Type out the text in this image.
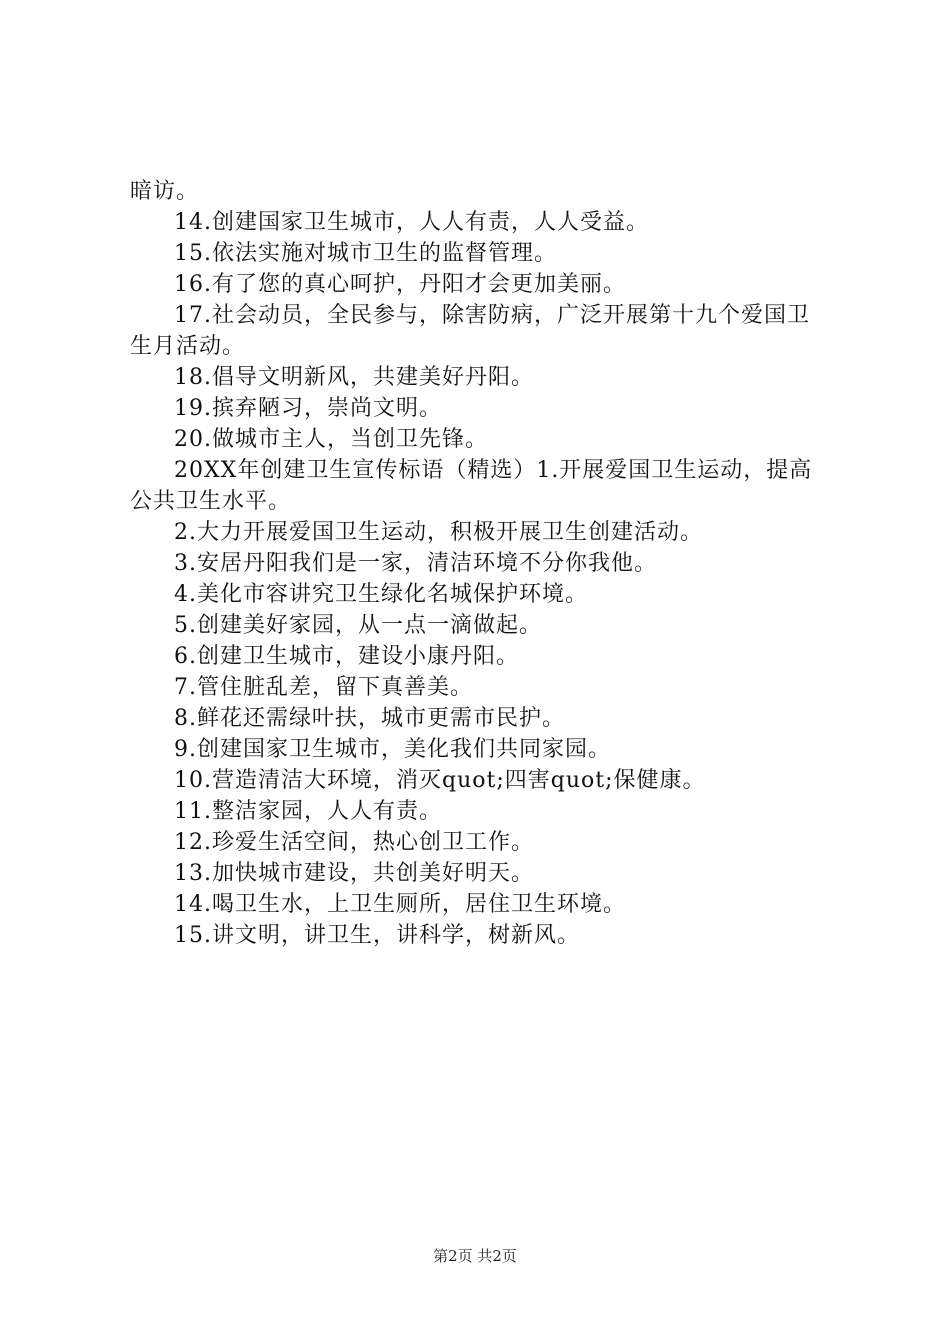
暗访。

14.创建国家卫生城市，人人有责，人人受益。

15.依法实施对城市卫生的监督管理。

16.有了您的真心呵护，丹阳才会更加美丽。

17.社会动员，全民参与，除害防病，广泛开展第十九个爱国卫生月活动。

18.倡导文明新风，共建美好丹阳。

19.摈弃陋习，崇尚文明。

20.做城市主人，当创卫先锋。

20XX年创建卫生宣传标语（精选）1.开展爱国卫生运动，提高公共卫生水平。

2.大力开展爱国卫生运动，积极开展卫生创建活动。

3.安居丹阳我们是一家，清洁环境不分你我他。

4.美化市容讲究卫生绿化名城保护环境。

5.创建美好家园，从一点一滴做起。

6.创建卫生城市，建设小康丹阳。

7.管住脏乱差，留下真善美。

8.鲜花还需绿叶扶，城市更需市民护。

9.创建国家卫生城市，美化我们共同家园。

10.营造清洁大环境，消灭quot;四害quot;保健康。

11.整洁家园，人人有责。

12.珍爱生活空间，热心创卫工作。

13.加快城市建设，共创美好明天。

14.喝卫生水，上卫生厕所，居住卫生环境。

15.讲文明，讲卫生，讲科学，树新风。

第2页 共2页
